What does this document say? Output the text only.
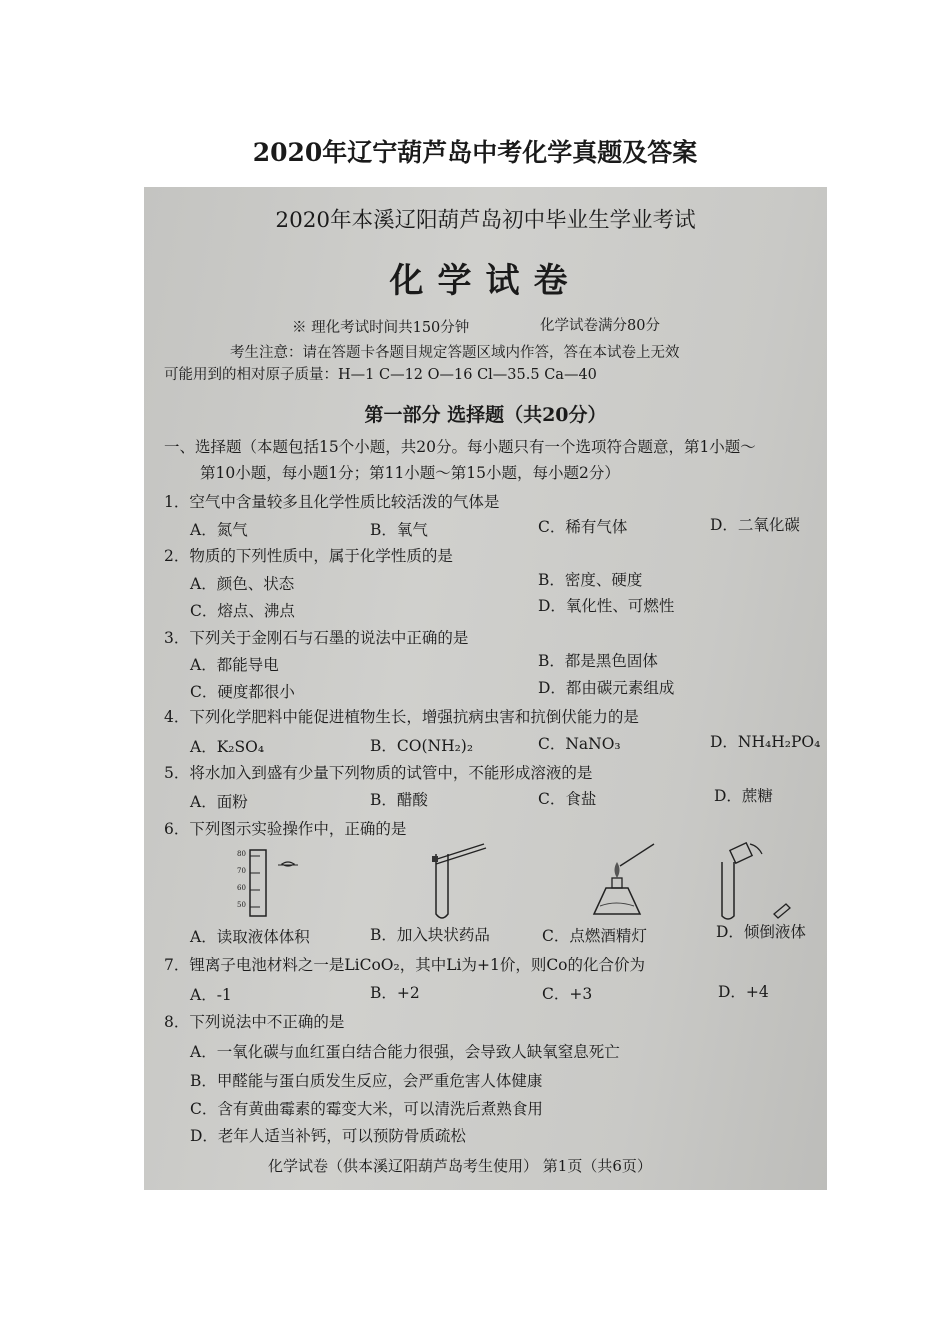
2020年辽宁葫芦岛中考化学真题及答案
2020年本溪辽阳葫芦岛初中毕业生学业考试
化学试卷
※ 理化考试时间共150分钟	化学试卷满分80分
考生注意：请在答题卡各题目规定答题区域内作答，答在本试卷上无效
可能用到的相对原子质量：H—1 C—12 O—16 Cl—35.5 Ca—40
第一部分 选择题（共20分）
一、选择题（本题包括15个小题，共20分。每小题只有一个选项符合题意，第1小题～
第10小题，每小题1分；第11小题～第15小题，每小题2分）
1．空气中含量较多且化学性质比较活泼的气体是
A．氮气	B．氧气	C．稀有气体	D．二氧化碳
2．物质的下列性质中，属于化学性质的是
A．颜色、状态	B．密度、硬度
C．熔点、沸点	D．氧化性、可燃性
3．下列关于金刚石与石墨的说法中正确的是
A．都能导电	B．都是黑色固体
C．硬度都很小	D．都由碳元素组成
4．下列化学肥料中能促进植物生长，增强抗病虫害和抗倒伏能力的是
A．K₂SO₄	B．CO(NH₂)₂	C．NaNO₃	D．NH₄H₂PO₄
5．将水加入到盛有少量下列物质的试管中，不能形成溶液的是
A．面粉	B．醋酸	C．食盐	D．蔗糖
6．下列图示实验操作中，正确的是
80
70
60
50
A．读取液体体积	B．加入块状药品	C．点燃酒精灯	D．倾倒液体
7．锂离子电池材料之一是LiCoO₂，其中Li为+1价，则Co的化合价为
A．-1	B．+2	C．+3	D．+4
8．下列说法中不正确的是
A．一氧化碳与血红蛋白结合能力很强，会导致人缺氧窒息死亡
B．甲醛能与蛋白质发生反应，会严重危害人体健康
C．含有黄曲霉素的霉变大米，可以清洗后煮熟食用
D．老年人适当补钙，可以预防骨质疏松
化学试卷（供本溪辽阳葫芦岛考生使用） 第1页（共6页）
